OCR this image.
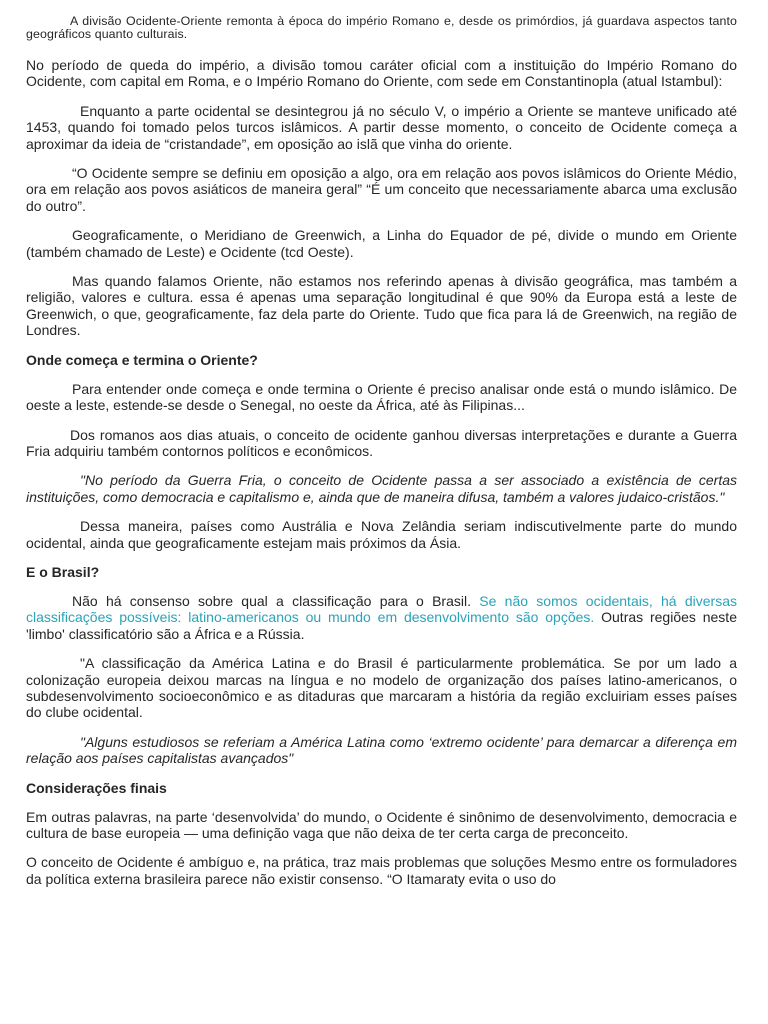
A divisão Ocidente-Oriente remonta à época do império Romano e, desde os primórdios, já guardava aspectos tanto geográficos quanto culturais.

No período de queda do império, a divisão tomou caráter oficial com a instituição do Império Romano do Ocidente, com capital em Roma, e o Império Romano do Oriente, com sede em Constantinopla (atual Istambul):

Enquanto a parte ocidental se desintegrou já no século V, o império a Oriente se manteve unificado até 1453, quando foi tomado pelos turcos islâmicos. A partir desse momento, o conceito de Ocidente começa a aproximar da ideia de “cristandade”, em oposição ao islã que vinha do oriente.

“O Ocidente sempre se definiu em oposição a algo, ora em relação aos povos islâmicos do Oriente Médio, ora em relação aos povos asiáticos de maneira geral” “É um conceito que necessariamente abarca uma exclusão do outro”.

Geograficamente, o Meridiano de Greenwich, a Linha do Equador de pé, divide o mundo em Oriente (também chamado de Leste) e Ocidente (tcd Oeste).

Mas quando falamos Oriente, não estamos nos referindo apenas à divisão geográfica, mas também a religião, valores e cultura. essa é apenas uma separação longitudinal é que 90% da Europa está a leste de Greenwich, o que, geograficamente, faz dela parte do Oriente. Tudo que fica para lá de Greenwich, na região de Londres.

Onde começa e termina o Oriente?

Para entender onde começa e onde termina o Oriente é preciso analisar onde está o mundo islâmico. De oeste a leste, estende-se desde o Senegal, no oeste da África, até às Filipinas...

Dos romanos aos dias atuais, o conceito de ocidente ganhou diversas interpretações e durante a Guerra Fria adquiriu também contornos políticos e econômicos.

"No período da Guerra Fria, o conceito de Ocidente passa a ser associado a existência de certas instituições, como democracia e capitalismo e, ainda que de maneira difusa, também a valores judaico-cristãos."

Dessa maneira, países como Austrália e Nova Zelândia seriam indiscutivelmente parte do mundo ocidental, ainda que geograficamente estejam mais próximos da Ásia.

E o Brasil?

Não há consenso sobre qual a classificação para o Brasil. Se não somos ocidentais, há diversas classificações possíveis: latino-americanos ou mundo em desenvolvimento são opções. Outras regiões neste 'limbo' classificatório são a África e a Rússia.

"A classificação da América Latina e do Brasil é particularmente problemática. Se por um lado a colonização europeia deixou marcas na língua e no modelo de organização dos países latino-americanos, o subdesenvolvimento socioeconômico e as ditaduras que marcaram a história da região excluiriam esses países do clube ocidental.

"Alguns estudiosos se referiam a América Latina como ‘extremo ocidente’ para demarcar a diferença em relação aos países capitalistas avançados"

Considerações finais

Em outras palavras, na parte ‘desenvolvida’ do mundo, o Ocidente é sinônimo de desenvolvimento, democracia e cultura de base europeia — uma definição vaga que não deixa de ter certa carga de preconceito.

O conceito de Ocidente é ambíguo e, na prática, traz mais problemas que soluções Mesmo entre os formuladores da política externa brasileira parece não existir consenso. “O Itamaraty evita o uso do
